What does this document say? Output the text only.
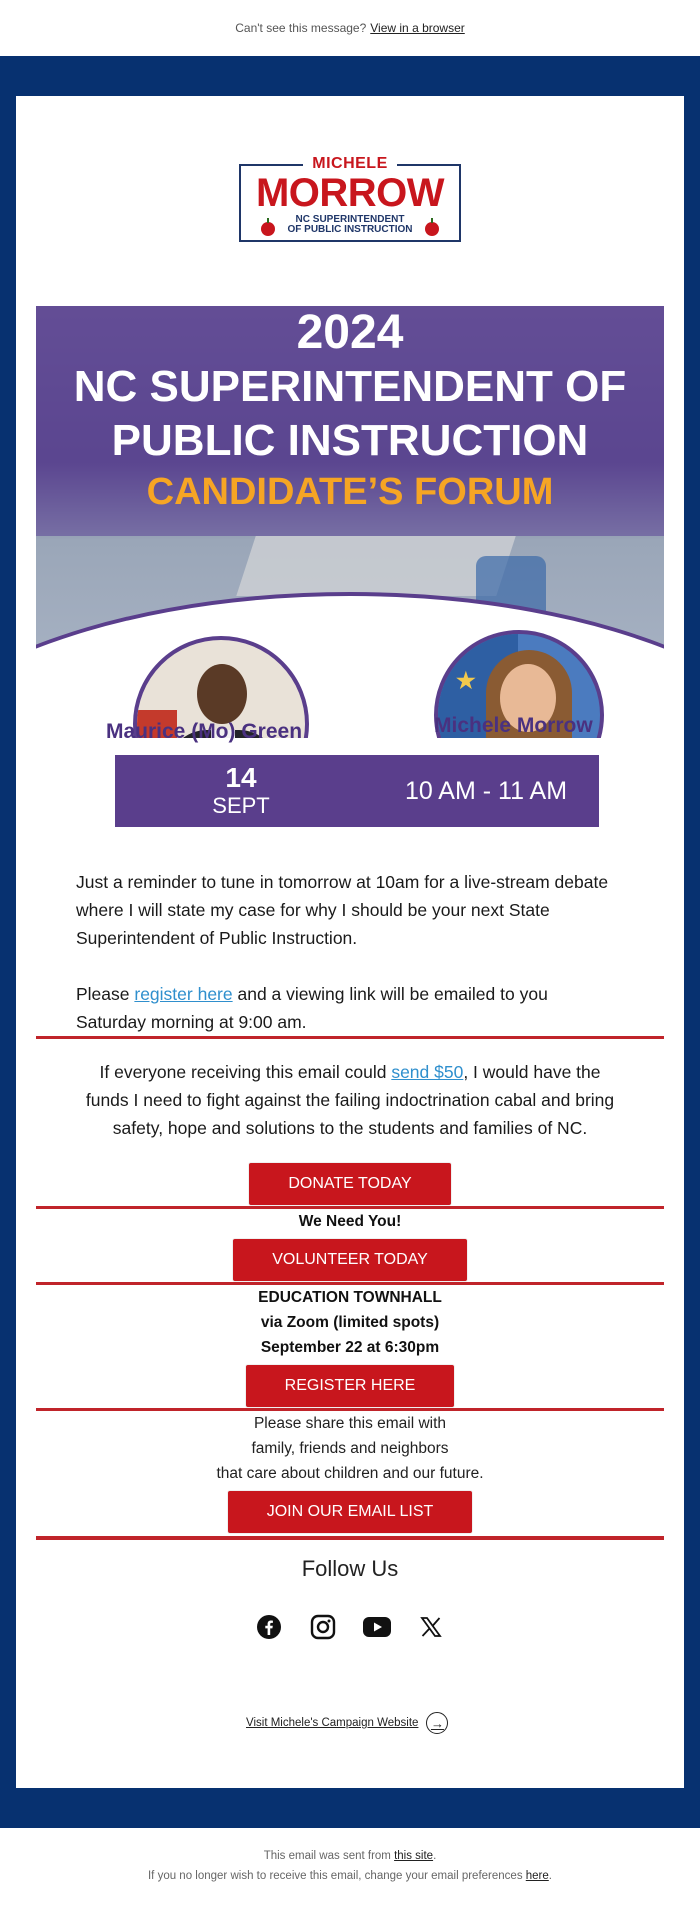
Can't see this message? View in a browser
MICHELE
MORROW
NC SUPERINTENDENT
OF PUBLIC INSTRUCTION
2024
NC SUPERINTENDENT OF
PUBLIC INSTRUCTION
CANDIDATE’S FORUM
★
Maurice (Mo) Green	Michele Morrow
14
SEPT
10 AM - 11 AM
Just a reminder to tune in tomorrow at 10am for a live-stream debate where I will state my case for why I should be your next State Superintendent of Public Instruction.
Please register here and a viewing link will be emailed to you Saturday morning at 9:00 am.
If everyone receiving this email could send $50, I would have the funds I need to fight against the failing indoctrination cabal and bring safety, hope and solutions to the students and families of NC.
DONATE TODAY
We Need You!
VOLUNTEER TODAY
EDUCATION TOWNHALL
via Zoom (limited spots)
September 22 at 6:30pm
REGISTER HERE
Please share this email with
family, friends and neighbors
that care about children and our future.
JOIN OUR EMAIL LIST
Follow Us
Visit Michele's Campaign Website →
This email was sent from this site.
If you no longer wish to receive this email, change your email preferences here.
